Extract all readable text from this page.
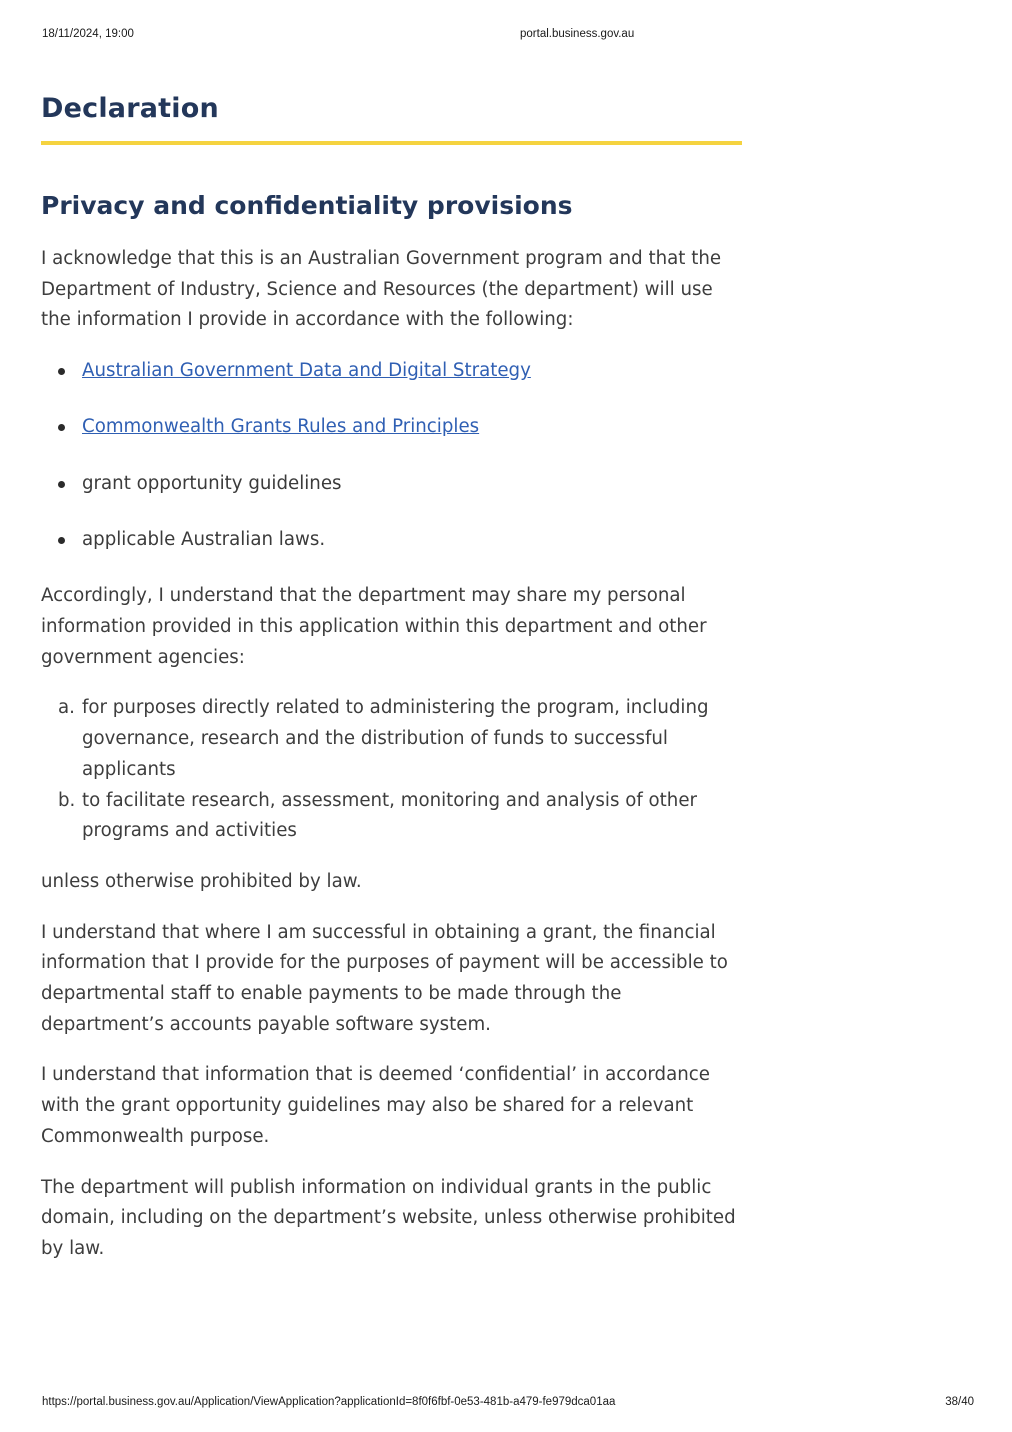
18/11/2024, 19:00	portal.business.gov.au
Declaration
Privacy and confidentiality provisions

I acknowledge that this is an Australian Government program and that the Department of Industry, Science and Resources (the department) will use the information I provide in accordance with the following:

Australian Government Data and Digital Strategy
Commonwealth Grants Rules and Principles
grant opportunity guidelines
applicable Australian laws.

Accordingly, I understand that the department may share my personal information provided in this application within this department and other government agencies:

a. for purposes directly related to administering the program, including governance, research and the distribution of funds to successful applicants
b. to facilitate research, assessment, monitoring and analysis of other programs and activities

unless otherwise prohibited by law.

I understand that where I am successful in obtaining a grant, the financial information that I provide for the purposes of payment will be accessible to departmental staff to enable payments to be made through the department’s accounts payable software system.

I understand that information that is deemed ‘confidential’ in accordance with the grant opportunity guidelines may also be shared for a relevant Commonwealth purpose.

The department will publish information on individual grants in the public domain, including on the department’s website, unless otherwise prohibited by law.

https://portal.business.gov.au/Application/ViewApplication?applicationId=8f0f6fbf-0e53-481b-a479-fe979dca01aa	38/40
